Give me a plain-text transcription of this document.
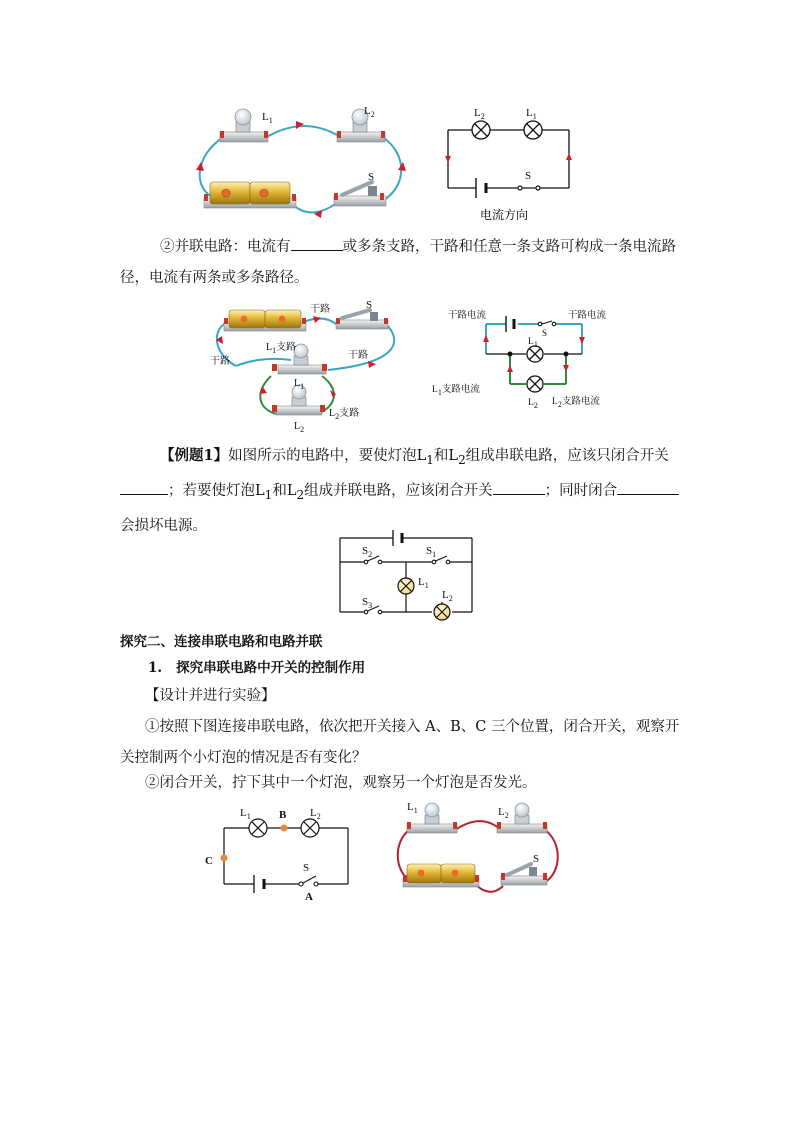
$L_1$
$L_2$
S
$L_2$	$L_1$
S
电流方向

②并联电路：电流有	或多条支路，干路和任意一条支路可构成一条电流路径，电流有两条或多条路径。

干路	S
干路
干路
$L_1$支路
$L_1$
$L_2$
$L_2$支路
干路电流	干路电流
S
$L_1$
$L_2$
$L_1$支路电流
$L_2$支路电流

【例题1】如图所示的电路中，要使灯泡$L_1$和$L_2$组成串联电路，应该只闭合开关；若要使灯泡$L_1$和$L_2$组成并联电路，应该闭合开关	；同时闭合会损坏电源。

$S_2$	$S_1$
$S_3$
$L_1$
$L_2$

探究二、连接串联电路和电路并联

1. 探究串联电路中开关的控制作用

【设计并进行实验】

①按照下图连接串联电路，依次把开关接入 A、B、C 三个位置，闭合开关，观察开关控制两个小灯泡的情况是否有变化？

②闭合开关，拧下其中一个灯泡，观察另一个灯泡是否发光。

$L_1$	B $L_2$
C
S
A
$L_1$	$L_2$
S
